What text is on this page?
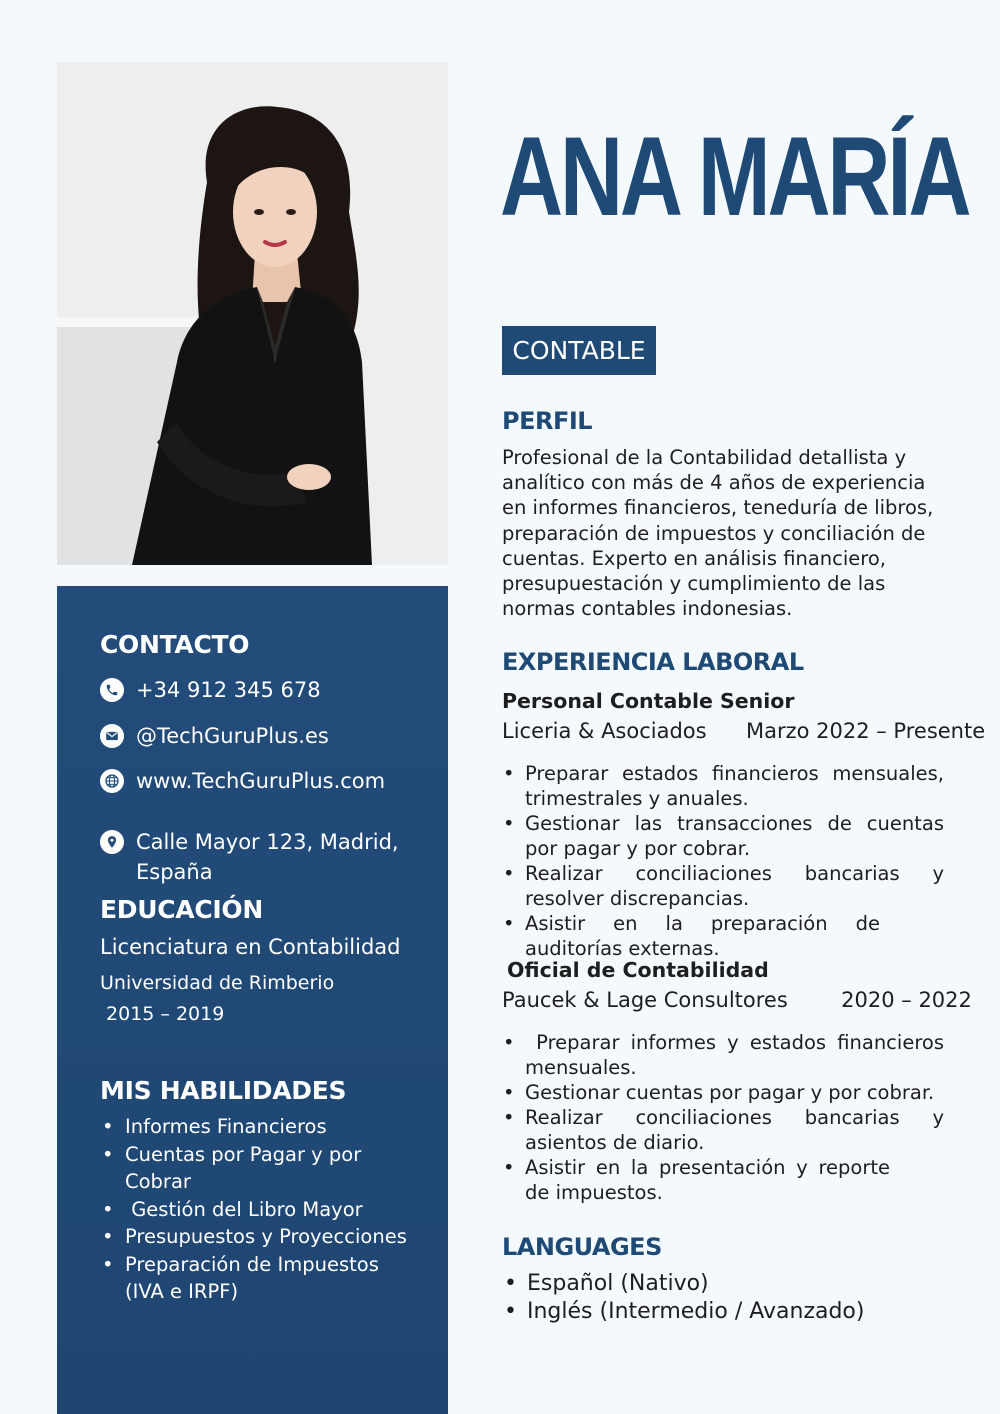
CONTACTO
+34 912 345 678
@TechGuruPlus.es
www.TechGuruPlus.com
Calle Mayor 123, Madrid, España
EDUCACIÓN
Licenciatura en Contabilidad
Universidad de Rimberio
2015 – 2019
MIS HABILIDADES
• Informes Financieros
• Cuentas por Pagar y por Cobrar
•  Gestión del Libro Mayor
• Presupuestos y Proyecciones
• Preparación de Impuestos (IVA e IRPF)
ANA MARÍA
CONTABLE
PERFIL

Profesional de la Contabilidad detallista y analítico con más de 4 años de experiencia en informes financieros, teneduría de libros, preparación de impuestos y conciliación de cuentas. Experto en análisis financiero, presupuestación y cumplimiento de las normas contables indonesias.

EXPERIENCIA LABORAL
Personal Contable Senior
Liceria & Asociados Marzo 2022 – Presente
• Preparar estados financieros mensuales, trimestrales y anuales.
• Gestionar las transacciones de cuentas por pagar y por cobrar.
• Realizar conciliaciones bancarias y resolver discrepancias.
• Asistir en la preparación de auditorías externas.
Oficial de Contabilidad
Paucek & Lage Consultores	2020 – 2022
•  Preparar informes y estados financieros mensuales.
• Gestionar cuentas por pagar y por cobrar.
• Realizar conciliaciones bancarias y asientos de diario.
• Asistir en la presentación y reporte de impuestos.
LANGUAGES
• Español (Nativo)
• Inglés (Intermedio / Avanzado)
